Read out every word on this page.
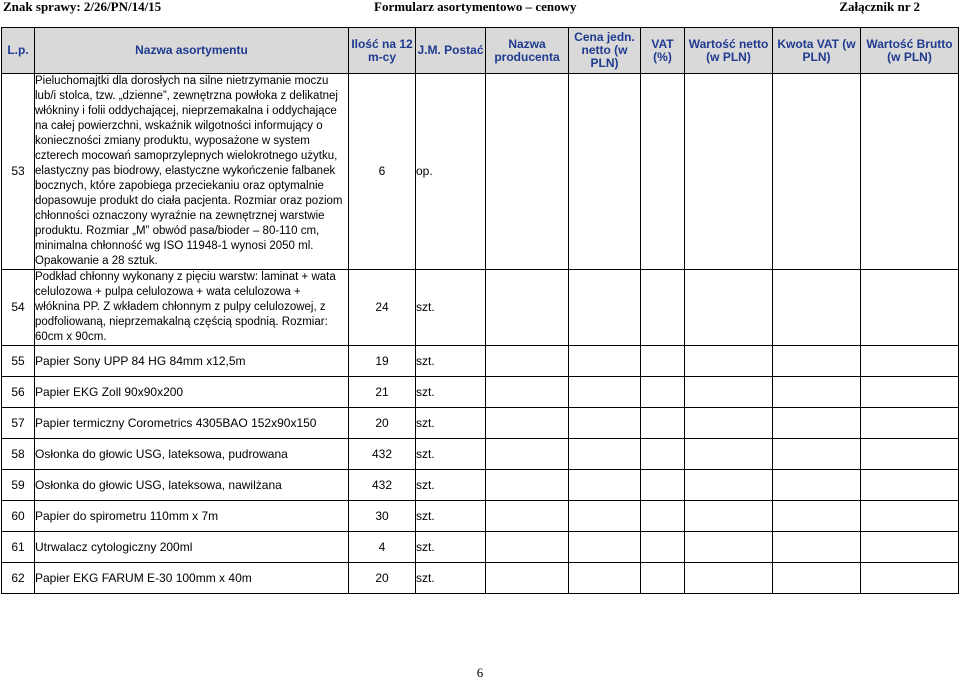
Znak sprawy: 2/26/PN/14/15	Formularz asortymentowo – cenowy	Załącznik nr 2
L.p.	Nazwa asortymentu	Ilość na 12 m-cy	J.M. Postać	Nazwa producenta	Cena jedn. netto (w PLN)	VAT (%)	Wartość netto (w PLN)	Kwota VAT (w PLN)	Wartość Brutto (w PLN)
53	Pieluchomajtki dla dorosłych na silne nietrzymanie moczu lub/i stolca, tzw. „dzienne”, zewnętrzna powłoka z delikatnej włókniny i folii oddychającej, nieprzemakalna i oddychające na całej powierzchni, wskaźnik wilgotności informujący o konieczności zmiany produktu, wyposażone w system czterech mocowań samoprzylepnych wielokrotnego użytku, elastyczny pas biodrowy, elastyczne wykończenie falbanek bocznych, które zapobiega przeciekaniu oraz optymalnie dopasowuje produkt do ciała pacjenta. Rozmiar oraz poziom chłonności oznaczony wyraźnie na zewnętrznej warstwie produktu. Rozmiar „M” obwód pasa/bioder – 80-110 cm, minimalna chłonność wg ISO 11948-1 wynosi 2050 ml. Opakowanie a 28 sztuk.	6	op.						
54	Podkład chłonny wykonany z pięciu warstw: laminat + wata celulozowa + pulpa celulozowa + wata celulozowa + włóknina PP. Z wkładem chłonnym z pulpy celulozowej, z podfoliowaną, nieprzemakalną częścią spodnią. Rozmiar: 60cm x 90cm.	24	szt.						
55	Papier Sony UPP 84 HG 84mm x12,5m	19	szt.						
56	Papier EKG Zoll 90x90x200	21	szt.						
57	Papier termiczny Corometrics 4305BAO 152x90x150	20	szt.						
58	Osłonka do głowic USG, lateksowa, pudrowana	432	szt.						
59	Osłonka do głowic USG, lateksowa, nawilżana	432	szt.						
60	Papier do spirometru 110mm x 7m	30	szt.						
61	Utrwalacz cytologiczny 200ml	4	szt.						
62	Papier EKG FARUM E-30 100mm x 40m	20	szt.						
6
